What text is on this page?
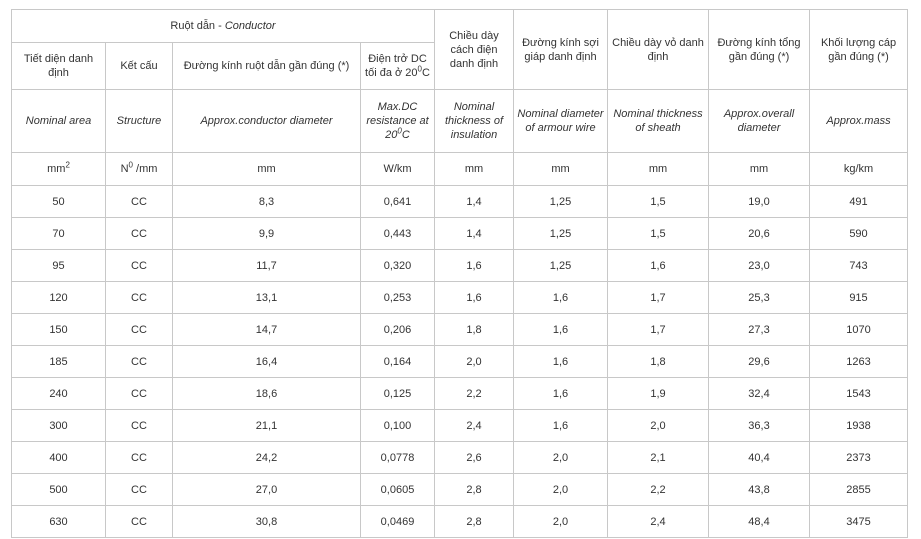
Ruột dẫn - Conductor				Chiều dày cách điện danh định	Đường kính sợi giáp danh định	Chiều dày vỏ danh định	Đường kính tổng gần đúng (*)	Khối lượng cáp gần đúng (*)
Tiết diện danh định	Kết cấu	Đường kính ruột dẫn gần đúng (*)	Điện trở DC tối đa ở $20^0C$					
Nominal area	Structure	Approx.conductor diameter	Max.DC resistance at $20^0C$	Nominal thickness of insulation	Nominal diameter of armour wire	Nominal thickness of sheath	Approx.overall diameter	Approx.mass
$mm^2$	$N^0$ /mm	mm	W/km	mm	mm	mm	mm	kg/km
50	CC	8,3	0,641	1,4	1,25	1,5	19,0	491
70	CC	9,9	0,443	1,4	1,25	1,5	20,6	590
95	CC	11,7	0,320	1,6	1,25	1,6	23,0	743
120	CC	13,1	0,253	1,6	1,6	1,7	25,3	915
150	CC	14,7	0,206	1,8	1,6	1,7	27,3	1070
185	CC	16,4	0,164	2,0	1,6	1,8	29,6	1263
240	CC	18,6	0,125	2,2	1,6	1,9	32,4	1543
300	CC	21,1	0,100	2,4	1,6	2,0	36,3	1938
400	CC	24,2	0,0778	2,6	2,0	2,1	40,4	2373
500	CC	27,0	0,0605	2,8	2,0	2,2	43,8	2855
630	CC	30,8	0,0469	2,8	2,0	2,4	48,4	3475
